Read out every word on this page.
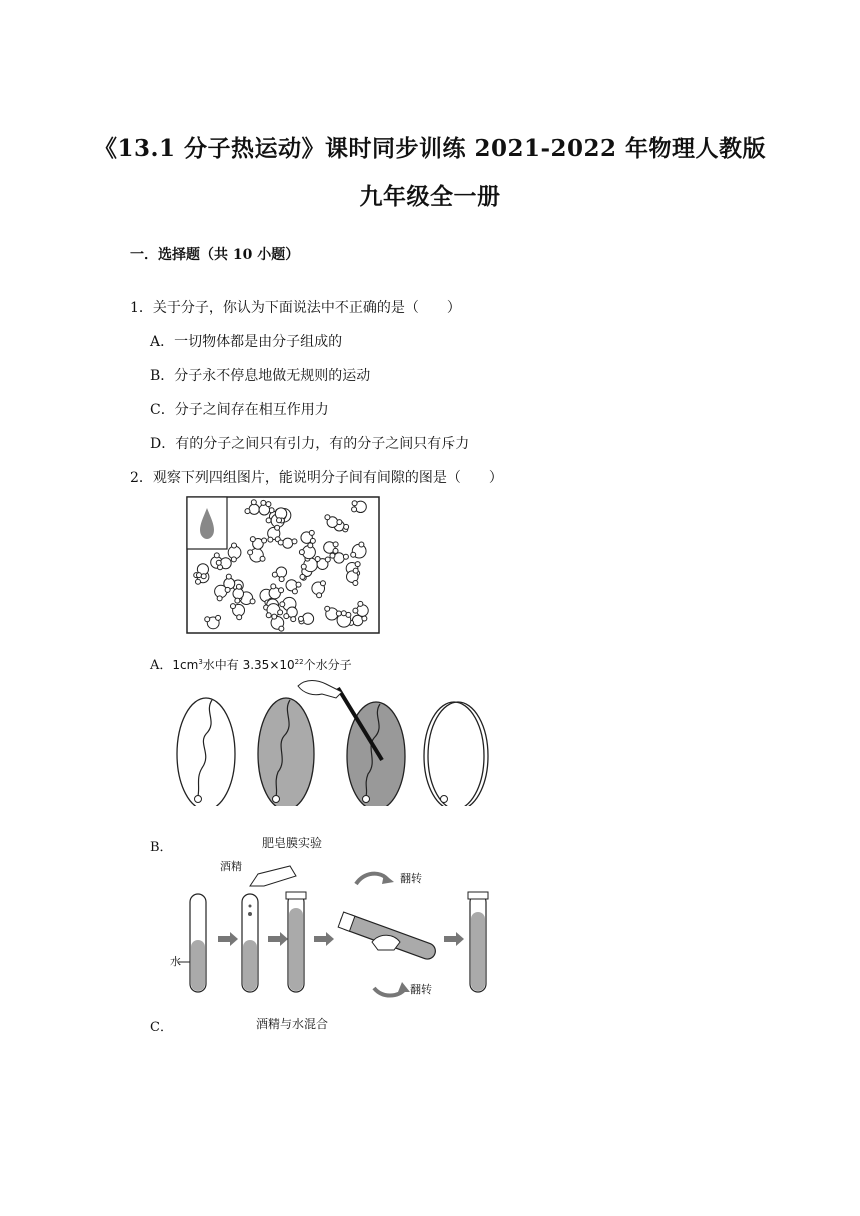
《13.1 分子热运动》课时同步训练 2021-2022 年物理人教版
九年级全一册
一．选择题（共 10 小题）
1．关于分子，你认为下面说法中不正确的是（　　）
A．一切物体都是由分子组成的
B．分子永不停息地做无规则的运动
C．分子之间存在相互作用力
D．有的分子之间只有引力，有的分子之间只有斥力
2．观察下列四组图片，能说明分子间有间隙的图是（　　）
A．$1cm^3$水中有 $3.35\times 10^{22}$个水分子
B．	肥皂膜实验
水
酒精
翻转
翻转
C．	酒精与水混合
